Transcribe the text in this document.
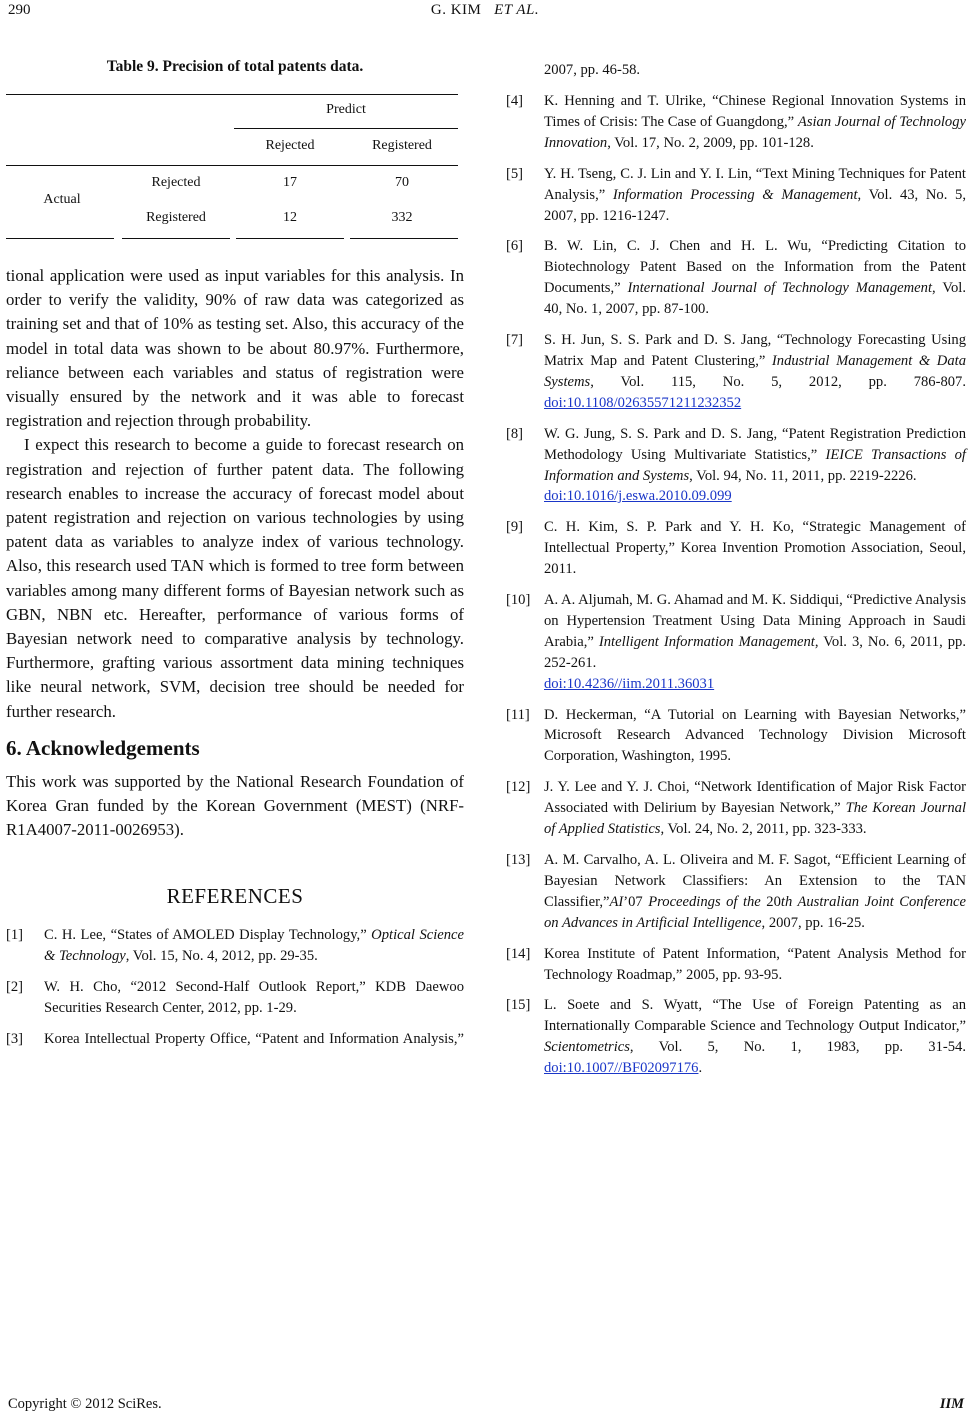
290	G. KIM ET AL.
Table 9. Precision of total patents data.
Predict
Rejected	Registered
Actual
Rejected	17	70
Registered	12	332

tional application were used as input variables for this analysis. In order to verify the validity, 90% of raw data was categorized as training set and that of 10% as testing set. Also, this accuracy of the model in total data was shown to be about 80.97%. Furthermore, reliance between each variables and status of registration were visually ensured by the network and it was able to forecast registration and rejection through probability.

I expect this research to become a guide to forecast research on registration and rejection of further patent data. The following research enables to increase the accuracy of forecast model about patent registration and rejection on various technologies by using patent data as variables to analyze index of various technology. Also, this research used TAN which is formed to tree form between variables among many different forms of Bayesian network such as GBN, NBN etc. Hereafter, performance of various forms of Bayesian network need to comparative analysis by technology. Furthermore, grafting various assortment data mining techniques like neural network, SVM, decision tree should be needed for further research.

6. Acknowledgements
This work was supported by the National Research Foundation of Korea Gran funded by the Korean Government (MEST) (NRF-R1A4007-2011-0026953).
REFERENCES
[1] C. H. Lee, “States of AMOLED Display Technology,” Optical Science & Technology, Vol. 15, No. 4, 2012, pp. 29-35.
[2] W. H. Cho, “2012 Second-Half Outlook Report,” KDB Daewoo Securities Research Center, 2012, pp. 1-29.
[3] Korea Intellectual Property Office, “Patent and Information Analysis,”
2007, pp. 46-58.
[4] K. Henning and T. Ulrike, “Chinese Regional Innovation Systems in Times of Crisis: The Case of Guangdong,” Asian Journal of Technology Innovation, Vol. 17, No. 2, 2009, pp. 101-128.
[5] Y. H. Tseng, C. J. Lin and Y. I. Lin, “Text Mining Techniques for Patent Analysis,” Information Processing & Management, Vol. 43, No. 5, 2007, pp. 1216-1247.
[6] B. W. Lin, C. J. Chen and H. L. Wu, “Predicting Citation to Biotechnology Patent Based on the Information from the Patent Documents,” International Journal of Technology Management, Vol. 40, No. 1, 2007, pp. 87-100.
[7] S. H. Jun, S. S. Park and D. S. Jang, “Technology Forecasting Using Matrix Map and Patent Clustering,” Industrial Management & Data Systems, Vol. 115, No. 5, 2012, pp. 786-807. doi:10.1108/02635571211232352
[8] W. G. Jung, S. S. Park and D. S. Jang, “Patent Registration Prediction Methodology Using Multivariate Statistics,” IEICE Transactions of Information and Systems, Vol. 94, No. 11, 2011, pp. 2219-2226.
doi:10.1016/j.eswa.2010.09.099
[9] C. H. Kim, S. P. Park and Y. H. Ko, “Strategic Management of Intellectual Property,” Korea Invention Promotion Association, Seoul, 2011.
[10] A. A. Aljumah, M. G. Ahamad and M. K. Siddiqui, “Predictive Analysis on Hypertension Treatment Using Data Mining Approach in Saudi Arabia,” Intelligent Information Management, Vol. 3, No. 6, 2011, pp. 252-261.
doi:10.4236//iim.2011.36031
[11] D. Heckerman, “A Tutorial on Learning with Bayesian Networks,” Microsoft Research Advanced Technology Division Microsoft Corporation, Washington, 1995.
[12] J. Y. Lee and Y. J. Choi, “Network Identification of Major Risk Factor Associated with Delirium by Bayesian Network,” The Korean Journal of Applied Statistics, Vol. 24, No. 2, 2011, pp. 323-333.
[13] A. M. Carvalho, A. L. Oliveira and M. F. Sagot, “Efficient Learning of Bayesian Network Classifiers: An Extension to the TAN Classifier,”AI’07 Proceedings of the 20th Australian Joint Conference on Advances in Artificial Intelligence, 2007, pp. 16-25.
[14] Korea Institute of Patent Information, “Patent Analysis Method for Technology Roadmap,” 2005, pp. 93-95.
[15] L. Soete and S. Wyatt, “The Use of Foreign Patenting as an Internationally Comparable Science and Technology Output Indicator,” Scientometrics, Vol. 5, No. 1, 1983, pp. 31-54. doi:10.1007//BF02097176.
Copyright © 2012 SciRes.	IIM
